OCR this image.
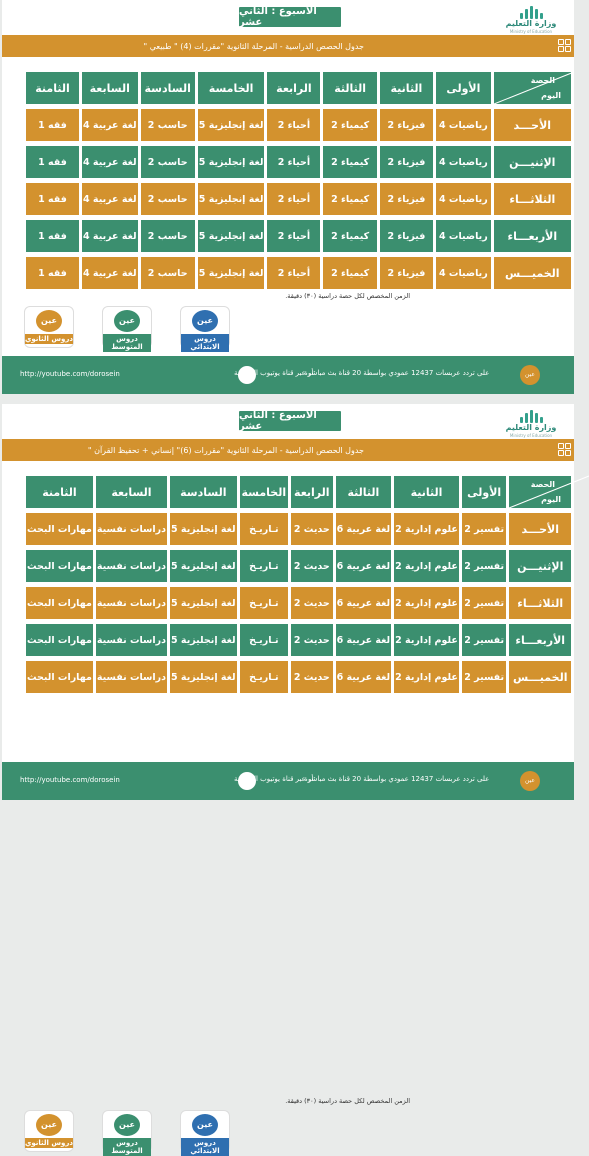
الأسبوع : الثاني عشر	وزارة التعليم
Ministry of Education
جدول الحصص الدراسية - المرحلة الثانوية "مقررات (4) " طبيعي "
الحصة
اليوم	الأولى	الثانية	الثالثة	الرابعة	الخامسة	السادسة	السابعة	الثامنة
الأحـــد	رياضيات 4	فيزياء 2	كيمياء 2	أحياء 2	لغة إنجليزية 5	حاسب 2	لغة عربية 4	فقه 1
الإثنيـــن	رياضيات 4	فيزياء 2	كيمياء 2	أحياء 2	لغة إنجليزية 5	حاسب 2	لغة عربية 4	فقه 1
الثلاثـــاء	رياضيات 4	فيزياء 2	كيمياء 2	أحياء 2	لغة إنجليزية 5	حاسب 2	لغة عربية 4	فقه 1
الأربعـــاء	رياضيات 4	فيزياء 2	كيمياء 2	أحياء 2	لغة إنجليزية 5	حاسب 2	لغة عربية 4	فقه 1
الخميـــس	رياضيات 4	فيزياء 2	كيمياء 2	أحياء 2	لغة إنجليزية 5	حاسب 2	لغة عربية 4	فقه 1
الزمن المخصص لكل حصة دراسية (٣٠) دقيقة.
عين
دروس الابتدائي
عين
دروس المتوسط
عين
دروس الثانوي
http://youtube.com/dorosein	أو عبر قناة يوتيوب التعليمية
على تردد عربسات 12437 عمودي بواسطة 20 قناة بث مباشرة	عين
الأسبوع : الثاني عشر	وزارة التعليم
Ministry of Education
جدول الحصص الدراسية - المرحلة الثانوية "مقررات (6)" إنساني + تحفيظ القرآن "
الحصة
اليوم	الأولى	الثانية	الثالثة	الرابعة	الخامسة	السادسة	السابعة	الثامنة
الأحـــد	تفسير 2	علوم إدارية 2	لغة عربية 6	حديث 2	تـاريـخ	لغة إنجليزية 5	دراسات نفسية	مهارات البحث
الإثنيـــن	تفسير 2	علوم إدارية 2	لغة عربية 6	حديث 2	تـاريـخ	لغة إنجليزية 5	دراسات نفسية	مهارات البحث
الثلاثـــاء	تفسير 2	علوم إدارية 2	لغة عربية 6	حديث 2	تـاريـخ	لغة إنجليزية 5	دراسات نفسية	مهارات البحث
الأربعـــاء	تفسير 2	علوم إدارية 2	لغة عربية 6	حديث 2	تـاريـخ	لغة إنجليزية 5	دراسات نفسية	مهارات البحث
الخميـــس	تفسير 2	علوم إدارية 2	لغة عربية 6	حديث 2	تـاريـخ	لغة إنجليزية 5	دراسات نفسية	مهارات البحث
الزمن المخصص لكل حصة دراسية (٣٠) دقيقة.
عين
دروس الابتدائي
عين
دروس المتوسط
عين
دروس الثانوي
http://youtube.com/dorosein	أو عبر قناة يوتيوب التعليمية
على تردد عربسات 12437 عمودي بواسطة 20 قناة بث مباشرة	عين
